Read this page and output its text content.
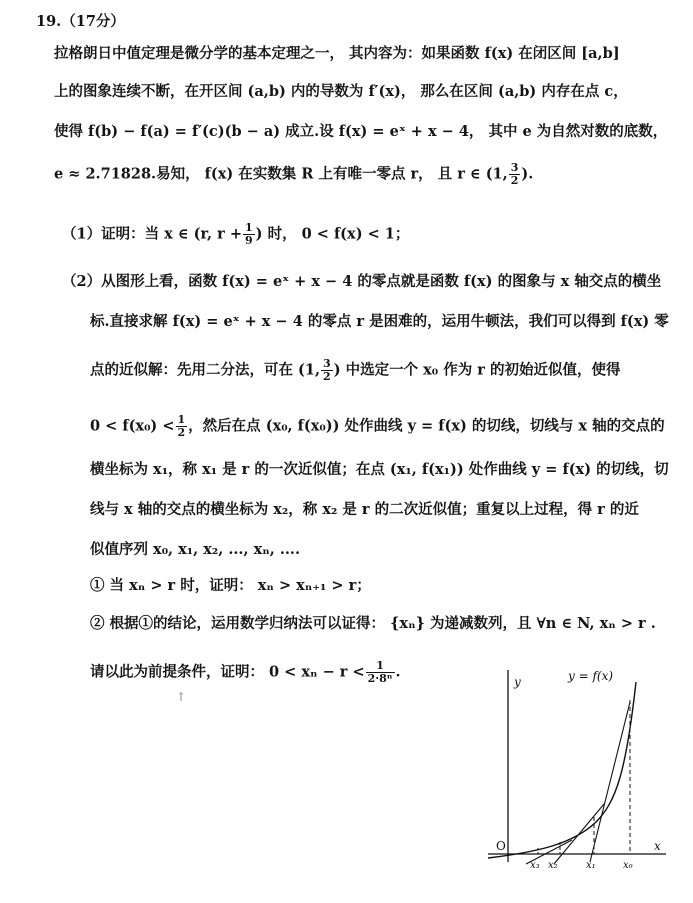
19.（17分）
拉格朗日中值定理是微分学的基本定理之一， 其内容为：如果函数 f(x) 在闭区间 [a,b]
上的图象连续不断，在开区间 (a,b) 内的导数为 f′(x)， 那么在区间 (a,b) 内存在点 c，
使得 f(b) − f(a) = f′(c)(b − a) 成立.设 f(x) = eˣ + x − 4， 其中 e 为自然对数的底数，
e ≈ 2.71828.易知， f(x) 在实数集 R 上有唯一零点 r， 且 r ∈ (1, $\frac{3}{2}$ ).
（1）证明：当 x ∈ (r, $r + \frac{1}{9}$ ) 时， 0 < f(x) < 1；
（2）从图形上看，函数 f(x) = eˣ + x − 4 的零点就是函数 f(x) 的图象与 x 轴交点的横坐
标.直接求解 f(x) = eˣ + x − 4 的零点 r 是困难的，运用牛顿法，我们可以得到 f(x) 零
点的近似解：先用二分法，可在 (1, $\frac{3}{2}$ ) 中选定一个 x₀ 作为 r 的初始近似值，使得
$0 < f(x_0) < \frac{1}{2}$ ，然后在点 (x₀, f(x₀)) 处作曲线 y = f(x) 的切线，切线与 x 轴的交点的
横坐标为 x₁，称 x₁ 是 r 的一次近似值；在点 (x₁, f(x₁)) 处作曲线 y = f(x) 的切线，切
线与 x 轴的交点的横坐标为 x₂，称 x₂ 是 r 的二次近似值；重复以上过程，得 r 的近
似值序列 x₀, x₁, x₂, ..., xₙ, ....
① 当 xₙ > r 时，证明： xₙ > xₙ₊₁ > r；
② 根据①的结论，运用数学归纳法可以证得： {xₙ} 为递减数列，且 ∀n ∈ N, xₙ > r .
请以此为前提条件，证明： $0 < x_n - r < \frac{1}{\text{2·8ⁿ}}$ .
↑
y	y = f(x)
O	x
x₃ x₂	x₁	x₀
